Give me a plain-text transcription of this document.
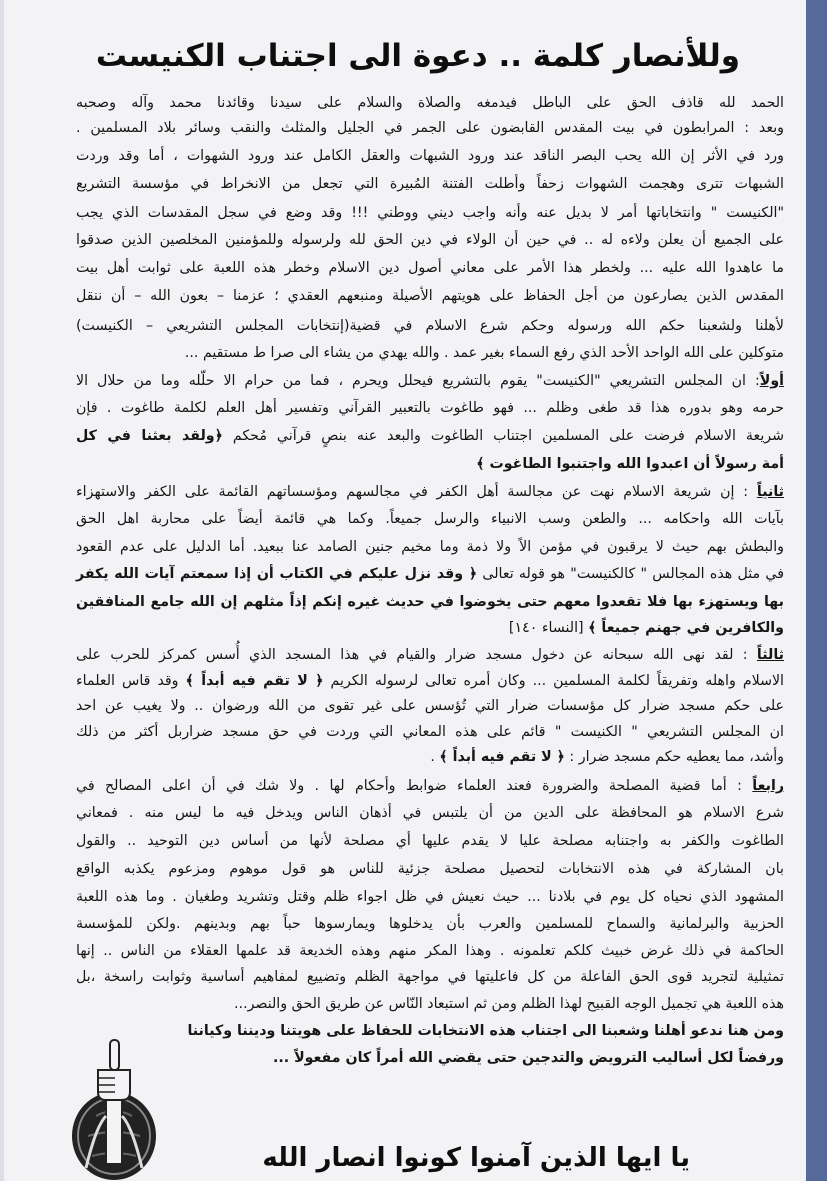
وللأنصار كلمة .. دعوة الى اجتناب الكنيست
الحمد لله قاذف الحق على الباطل فيدمغه والصلاة والسلام على سيدنا وقائدنا محمد وآله وصحبه
وبعد : المرابطون في بيت المقدس القابضون على الجمر في الجليل والمثلث والنقب وسائر بلاد المسلمين .
ورد في الأثر إن الله يحب البصر الناقد عند ورود الشبهات والعقل الكامل عند ورود الشهوات ، أما وقد وردت
الشبهات تترى وهجمت الشهوات زحفاً وأطلت الفتنة المُبيرة التي تجعل من الانخراط في مؤسسة التشريع
"الكنيست " وانتخاباتها أمر لا بديل عنه وأنه واجب ديني ووطني !!! وقد وضع في سجل المقدسات الذي يجب
على الجميع أن يعلن ولاءه له .. في حين أن الولاء في دين الحق لله ولرسوله وللمؤمنين المخلصين الذين صدقوا
ما عاهدوا الله عليه ... ولخطر هذا الأمر على معاني أصول دين الاسلام وخطر هذه اللعبة على ثوابت أهل بيت
المقدس الذين يصارعون من أجل الحفاظ على هويتهم الأصيلة ومنبعهم العقدي ؛ عزمنا – بعون الله – أن ننقل
لأهلنا ولشعبنا حكم الله ورسوله وحكم شرع الاسلام في قضية(إنتخابات المجلس التشريعي – الكنيست)
متوكلين على الله الواحد الأحد الذي رفع السماء بغير عمد . والله يهدي من يشاء الى صرا ط مستقيم ...
أولاً: ان المجلس التشريعي "الكنيست" يقوم بالتشريع فيحلل ويحرم ، فما من حرام الا حلّله وما من حلال الا
حرمه وهو بدوره هذا قد طغى وظلم ... فهو طاغوت بالتعبير القرآني وتفسير أهل العلم لكلمة طاغوت . فإن
شريعة الاسلام فرضت على المسلمين اجتناب الطاغوت والبعد عنه بنصٍ قرآني مُحكم ﴿ولقد بعثنا في كل
أمة رسولاً أن اعبدوا الله واجتنبوا الطاغوت ﴾
ثانياً : إن شريعة الاسلام نهت عن مجالسة أهل الكفر في مجالسهم ومؤسساتهم القائمة على الكفر والاستهزاء
بآيات الله واحكامه ... والطعن وسب الانبياء والرسل جميعاً. وكما هي قائمة أيضاً على محاربة اهل الحق
والبطش بهم حيث لا يرقبون في مؤمن الاً ولا ذمة وما مخيم جنين الصامد عنا ببعيد. أما الدليل على عدم القعود
في مثل هذه المجالس " كالكنيست" هو قوله تعالى ﴿ وقد نزل عليكم في الكتاب أن إذا سمعتم آيات الله يكفر
بها ويستهزء بها فلا تقعدوا معهم حتى يخوضوا في حديث غيره إنكم إذاً مثلهم إن الله جامع المنافقين
والكافرين في جهنم جميعاً ﴾ [النساء ١٤٠]
ثالثاً : لقد نهى الله سبحانه عن دخول مسجد ضرار والقيام في هذا المسجد الذي أُسس كمركز للحرب على
الاسلام واهله وتفريقاً لكلمة المسلمين ... وكان أمره تعالى لرسوله الكريم ﴿ لا تقم فيه أبداً ﴾ وقد قاس العلماء
على حكم مسجد ضرار كل مؤسسات ضرار التي تُؤسس على غير تقوى من الله ورضوان .. ولا يغيب عن احد
ان المجلس التشريعي " الكنيست " قائم على هذه المعاني التي وردت في حق مسجد ضراربل أكثر من ذلك
وأشد، مما يعطيه حكم مسجد ضرار : ﴿ لا تقم فيه أبداً ﴾ .
رابعاً : أما قضية المصلحة والضرورة فعند العلماء ضوابط وأحكام لها . ولا شك في أن اعلى المصالح في
شرع الاسلام هو المحافظة على الدين من أن يلتبس في أذهان الناس ويدخل فيه ما ليس منه . فمعاني
الطاغوت والكفر به واجتنابه مصلحة عليا لا يقدم عليها أي مصلحة لأنها من أساس دين التوحيد .. والقول
بان المشاركة في هذه الانتخابات لتحصيل مصلحة جزئية للناس هو قول موهوم ومزعوم يكذبه الواقع
المشهود الذي نحياه كل يوم في بلادنا ... حيث نعيش في ظل اجواء ظلم وقتل وتشريد وطغيان . وما هذه اللعبة
الحزبية والبرلمانية والسماح للمسلمين والعرب بأن يدخلوها ويمارسوها حباً بهم وبدينهم .ولكن للمؤسسة
الحاكمة في ذلك غرض خبيث كلكم تعلمونه . وهذا المكر منهم وهذه الخديعة قد علمها العقلاء من الناس .. إنها
تمثيلية لتجريد قوى الحق الفاعلة من كل فاعليتها في مواجهة الظلم وتضييع لمفاهيم أساسية وثوابت راسخة ،بل
هذه اللعبة هي تجميل الوجه القبيح لهذا الظلم ومن ثم استبعاد النّاس عن طريق الحق والنصر...
ومن هنا ندعو أهلنا وشعبنا الى اجتناب هذه الانتخابات للحفاظ على هويتنا وديننا وكياننا
ورفضاً لكل أساليب الترويض والتدجين حتى يقضي الله أمراً كان مفعولاً ...
يا ايها الذين آمنوا كونوا انصار الله
